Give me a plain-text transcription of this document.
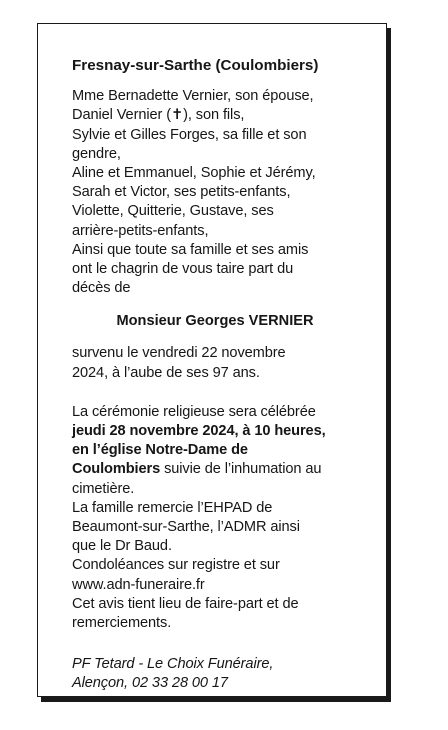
Fresnay-sur-Sarthe (Coulombiers)
Mme Bernadette Vernier, son épouse,
Daniel Vernier (✝), son fils,
Sylvie et Gilles Forges, sa fille et son
gendre,
Aline et Emmanuel, Sophie et Jérémy,
Sarah et Victor, ses petits-enfants,
Violette, Quitterie, Gustave, ses
arrière-petits-enfants,
Ainsi que toute sa famille et ses amis
ont le chagrin de vous taire part du
décès de
Monsieur Georges VERNIER
survenu le vendredi 22 novembre
2024, à l’aube de ses 97 ans.
La cérémonie religieuse sera célébrée
jeudi 28 novembre 2024, à 10 heures,
en l’église Notre-Dame de
Coulombiers suivie de l’inhumation au
cimetière.
La famille remercie l’EHPAD de
Beaumont-sur-Sarthe, l’ADMR ainsi
que le Dr Baud.
Condoléances sur registre et sur
www.adn-funeraire.fr
Cet avis tient lieu de faire-part et de
remerciements.
PF Tetard - Le Choix Funéraire,
Alençon, 02 33 28 00 17
